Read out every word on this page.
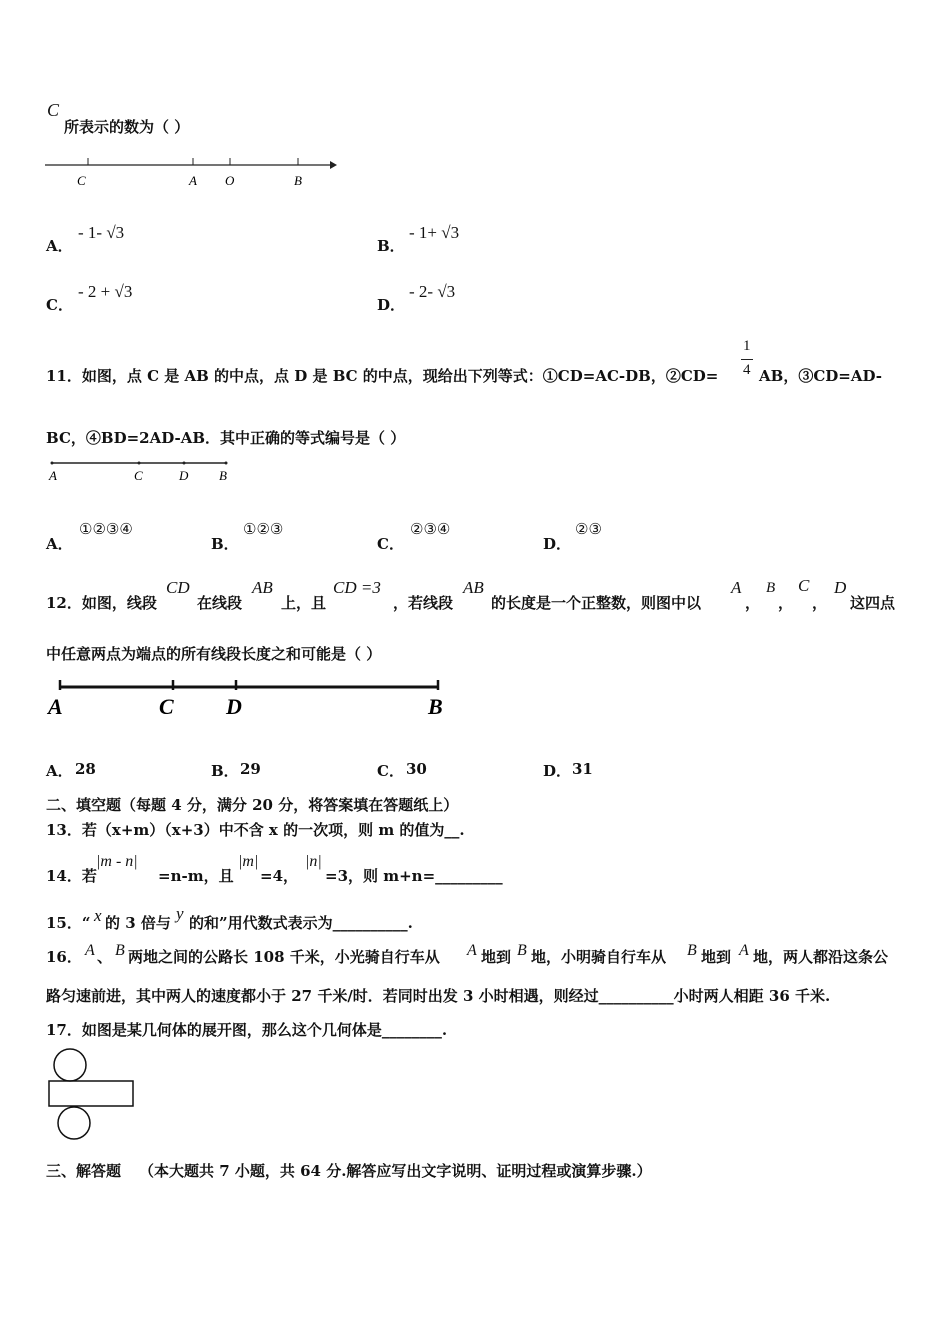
C
所表示的数为（ ）
C	A O	B
A．
- 1- √3
B．
- 1+ √3
C．
- 2 + √3
D．
- 2- √3
11．如图，点 C 是 AB 的中点，点 D 是 BC 的中点，现给出下列等式：①CD=AC-DB，②CD=
1
4 AB，③CD=AD-
BC，④BD=2AD-AB．其中正确的等式编号是（ ）
A	C	D B
A．
①②③④
B．
①②③
C．
②③④
D．
②③
12．如图，线段
CD
在线段
AB
上，且
CD =3
，若线段
AB
的长度是一个正整数，则图中以
A
，
B
，
C
，
D
这四点
中任意两点为端点的所有线段长度之和可能是（ ）
A	C D	B
A． 28	B． 29	C． 30	D． 31
二、填空题（每题 4 分，满分 20 分，将答案填在答题纸上）
13．若（x+m）（x+3）中不含 x 的一次项，则 m 的值为__.
14．若
|m - n|
=n-m，且
|m|
=4，
|n|
=3，则 m+n=_________
15．“ x 的 3 倍与 y 的和”用代数式表示为__________.
16． A 、 B 两地之间的公路长 108 千米，小光骑自行车从 A 地到 B 地，小明骑自行车从 B 地到 A 地，两人都沿这条公
路匀速前进，其中两人的速度都小于 27 千米/时．若同时出发 3 小时相遇，则经过__________小时两人相距 36 千米.
17．如图是某几何体的展开图，那么这个几何体是________.
三、解答题 （本大题共 7 小题，共 64 分.解答应写出文字说明、证明过程或演算步骤.）
